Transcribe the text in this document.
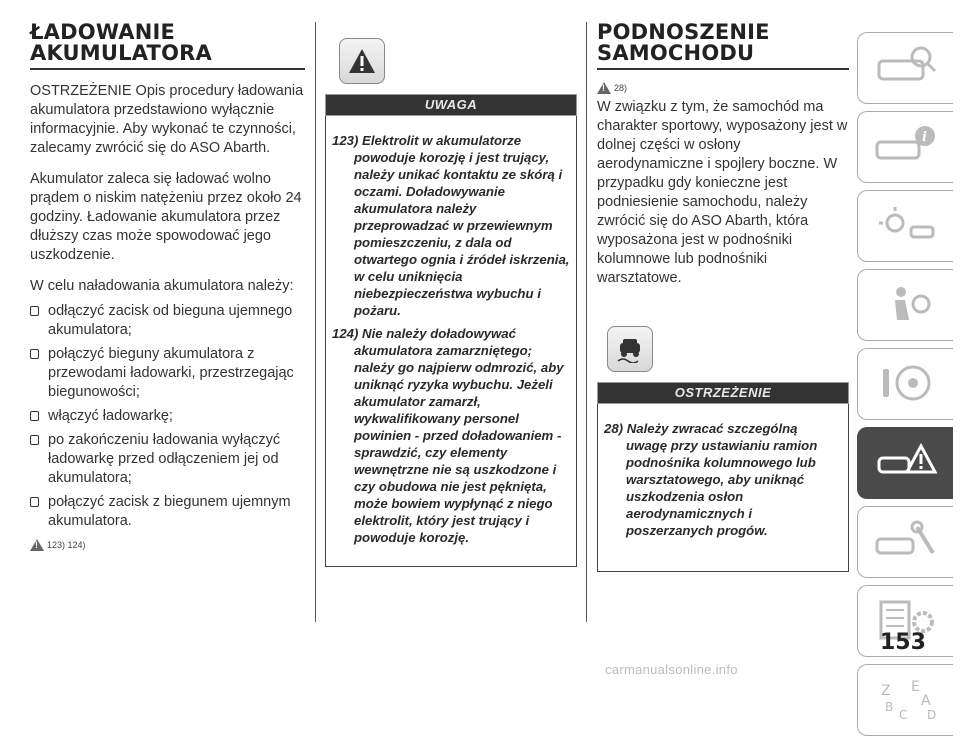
ŁADOWANIE
AKUMULATORA

OSTRZEŻENIE Opis procedury ładowania akumulatora przedstawiono wyłącznie informacyjnie. Aby wykonać te czynności, zalecamy zwrócić się do ASO Abarth.

Akumulator zaleca się ładować wolno prądem o niskim natężeniu przez około 24 godziny. Ładowanie akumulatora przez dłuższy czas może spowodować jego uszkodzenie.

W celu naładowania akumulatora należy:

odłączyć zacisk od bieguna ujemnego akumulatora;
połączyć bieguny akumulatora z przewodami ładowarki, przestrzegając biegunowości;
włączyć ładowarkę;
po zakończeniu ładowania wyłączyć ładowarkę przed odłączeniem jej od akumulatora;
połączyć zacisk z biegunem ujemnym akumulatora.
!
123) 124)
UWAGA
123) Elektrolit w akumulatorze powoduje korozję i jest trujący, należy unikać kontaktu ze skórą i oczami. Doładowywanie akumulatora należy przeprowadzać w przewiewnym pomieszczeniu, z dala od otwartego ognia i źródeł iskrzenia, w celu uniknięcia niebezpieczeństwa wybuchu i pożaru.
124) Nie należy doładowywać akumulatora zamarzniętego; należy go najpierw odmrozić, aby uniknąć ryzyka wybuchu. Jeżeli akumulator zamarzł, wykwalifikowany personel powinien - przed doładowaniem - sprawdzić, czy elementy wewnętrzne nie są uszkodzone i czy obudowa nie jest pęknięta, może bowiem wypłynąć z niego elektrolit, który jest trujący i powoduje korozję.
PODNOSZENIE
SAMOCHODU
!
28)

W związku z tym, że samochód ma charakter sportowy, wyposażony jest w dolnej części w osłony aerodynamiczne i spojlery boczne. W przypadku gdy konieczne jest podniesienie samochodu, należy zwrócić się do ASO Abarth, która wyposażona jest w podnośniki kolumnowe lub podnośniki warsztatowe.

OSTRZEŻENIE
28) Należy zwracać szczególną uwagę przy ustawianiu ramion podnośnika kolumnowego lub warsztatowego, aby uniknąć uszkodzenia osłon aerodynamicznych i poszerzanych progów.
i
Z E
A
B
C D
153
carmanualsonline.info
